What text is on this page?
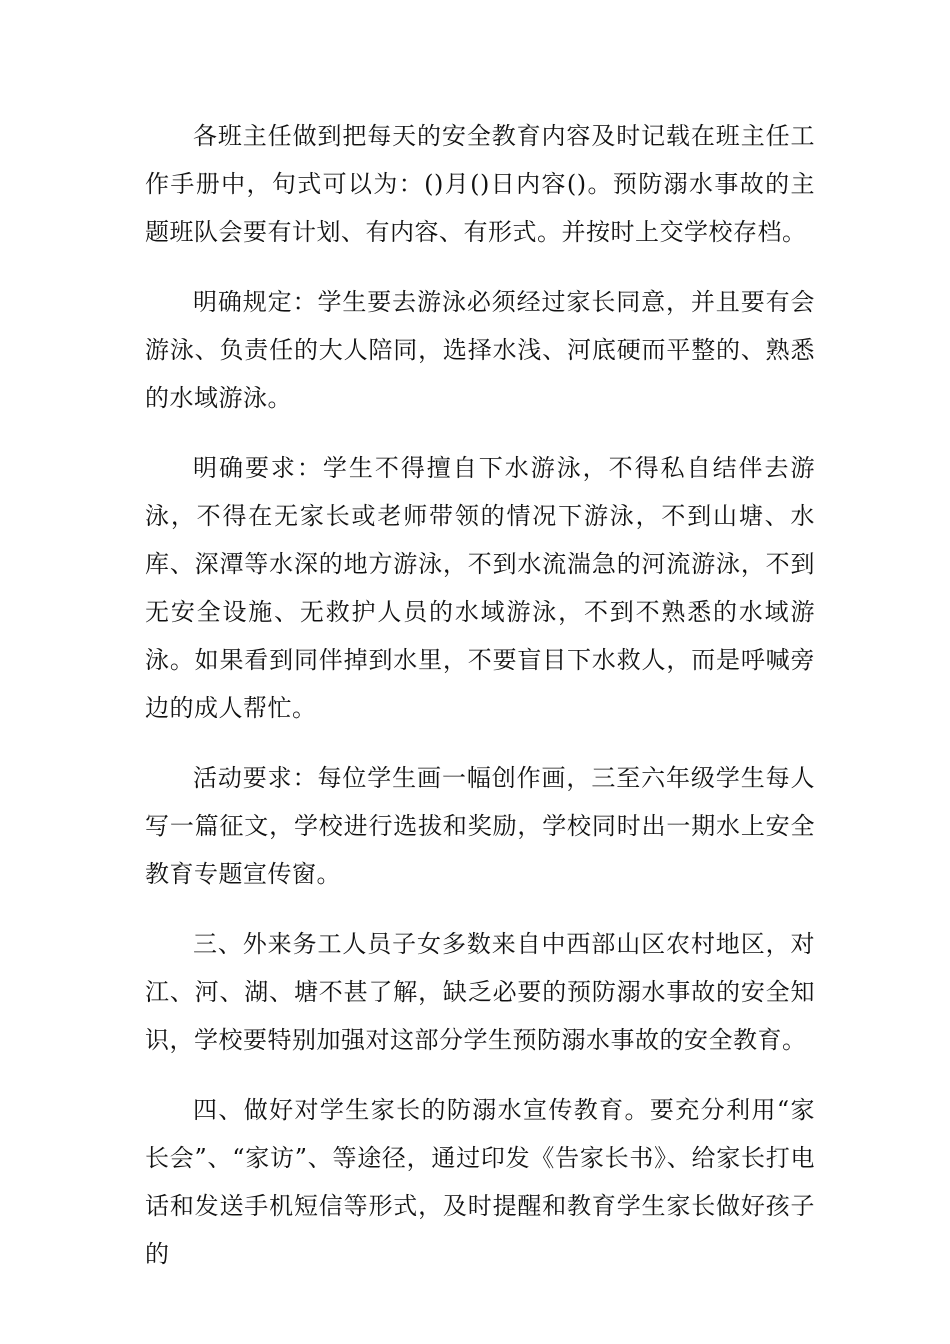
各班主任做到把每天的安全教育内容及时记载在班主任工作手册中，句式可以为：()月()日内容()。预防溺水事故的主题班队会要有计划、有内容、有形式。并按时上交学校存档。

明确规定：学生要去游泳必须经过家长同意，并且要有会游泳、负责任的大人陪同，选择水浅、河底硬而平整的、熟悉的水域游泳。

明确要求：学生不得擅自下水游泳，不得私自结伴去游泳，不得在无家长或老师带领的情况下游泳，不到山塘、水库、深潭等水深的地方游泳，不到水流湍急的河流游泳，不到无安全设施、无救护人员的水域游泳，不到不熟悉的水域游泳。如果看到同伴掉到水里，不要盲目下水救人，而是呼喊旁边的成人帮忙。

活动要求：每位学生画一幅创作画，三至六年级学生每人写一篇征文，学校进行选拔和奖励，学校同时出一期水上安全教育专题宣传窗。

三、外来务工人员子女多数来自中西部山区农村地区，对江、河、湖、塘不甚了解，缺乏必要的预防溺水事故的安全知识，学校要特别加强对这部分学生预防溺水事故的安全教育。

四、做好对学生家长的防溺水宣传教育。要充分利用“家长会”、“家访”、等途径，通过印发《告家长书》、给家长打电话和发送手机短信等形式，及时提醒和教育学生家长做好孩子的
